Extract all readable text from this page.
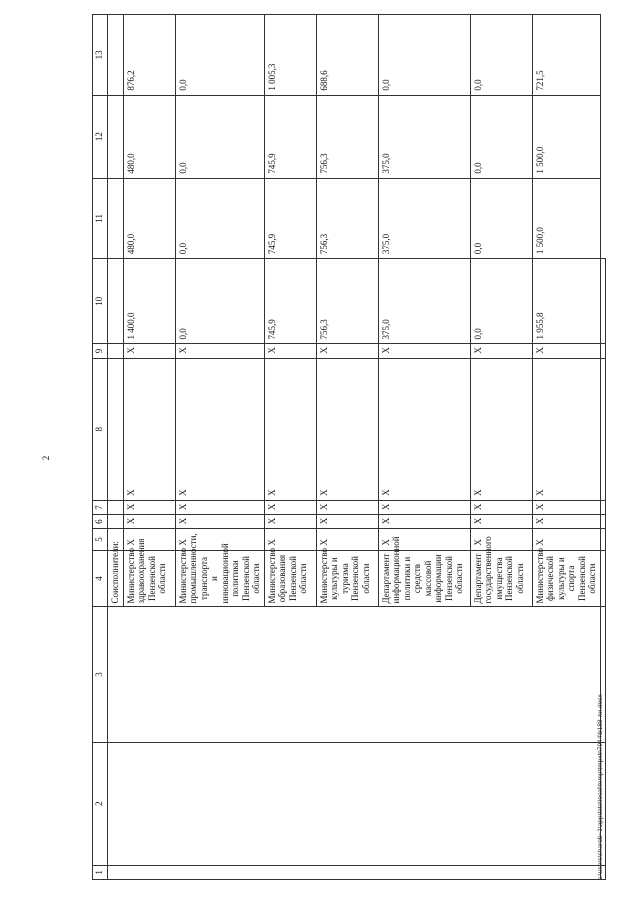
2
1	2	3	4	5	6	7	8	9	10	11	12	13
			Соисполнители:									
			Министерство здравоохранения Пензенской области	Х	Х	Х	Х	Х	1 400,0	480,0	480,0	876,2
			Министерство промышленности, транспорта и инновационной политики Пензенской области	Х	Х	Х	Х	Х	0,0	0,0	0,0	0,0
			Министерство образования Пензенской области	Х	Х	Х	Х	Х	745,9	745,9	745,9	1 005,3
			Министерство культуры и туризма Пензенской области	Х	Х	Х	Х	Х	756,3	756,3	756,3	688,6
			Департамент информационной политики и средств массовой информации Пензенской области	Х	Х	Х	Х	Х	375,0	375,0	375,0	0,0
			Департамент государственного имущества Пензенской области	Х	Х	Х	Х	Х	0,0	0,0	0,0	0,0
			Министерство физической культуры и спорта Пензенской области	Х	Х	Х	Х	Х	1 955,8	1 500,0	1 500,0	721,5

c:\users\sharob~1\appdata\local\temp\tmpxtn7944\b188-ли.docx
